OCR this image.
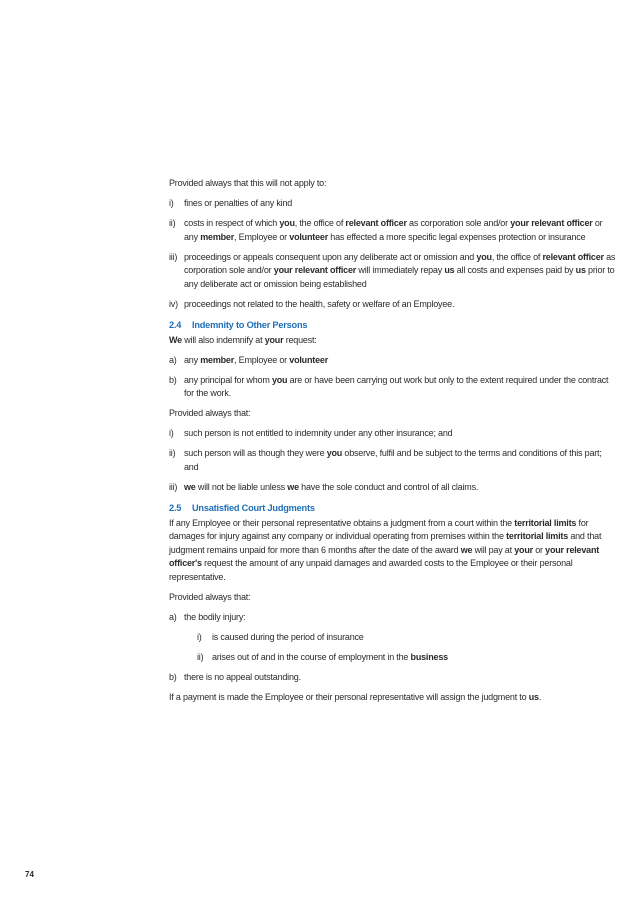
Provided always that this will not apply to:
i)	fines or penalties of any kind
ii) costs in respect of which you, the office of relevant officer as corporation sole and/or your relevant officer or any member, Employee or volunteer has effected a more specific legal expenses protection or insurance
iii) proceedings or appeals consequent upon any deliberate act or omission and you, the office of relevant officer as corporation sole and/or your relevant officer will immediately repay us all costs and expenses paid by us prior to any deliberate act or omission being established
iv) proceedings not related to the health, safety or welfare of an Employee.
2.4 Indemnity to Other Persons
We will also indemnify at your request:
a) any member, Employee or volunteer
b) any principal for whom you are or have been carrying out work but only to the extent required under the contract for the work.
Provided always that:
i)	such person is not entitled to indemnity under any other insurance; and
ii) such person will as though they were you observe, fulfil and be subject to the terms and conditions of this part; and
iii) we will not be liable unless we have the sole conduct and control of all claims.
2.5 Unsatisfied Court Judgments
If any Employee or their personal representative obtains a judgment from a court within the territorial limits for damages for injury against any company or individual operating from premises within the territorial limits and that judgment remains unpaid for more than 6 months after the date of the award we will pay at your or your relevant officer's request the amount of any unpaid damages and awarded costs to the Employee or their personal representative.
Provided always that:
a) the bodily injury:
i)	is caused during the period of insurance
ii) arises out of and in the course of employment in the business
b) there is no appeal outstanding.
If a payment is made the Employee or their personal representative will assign the judgment to us.
74
